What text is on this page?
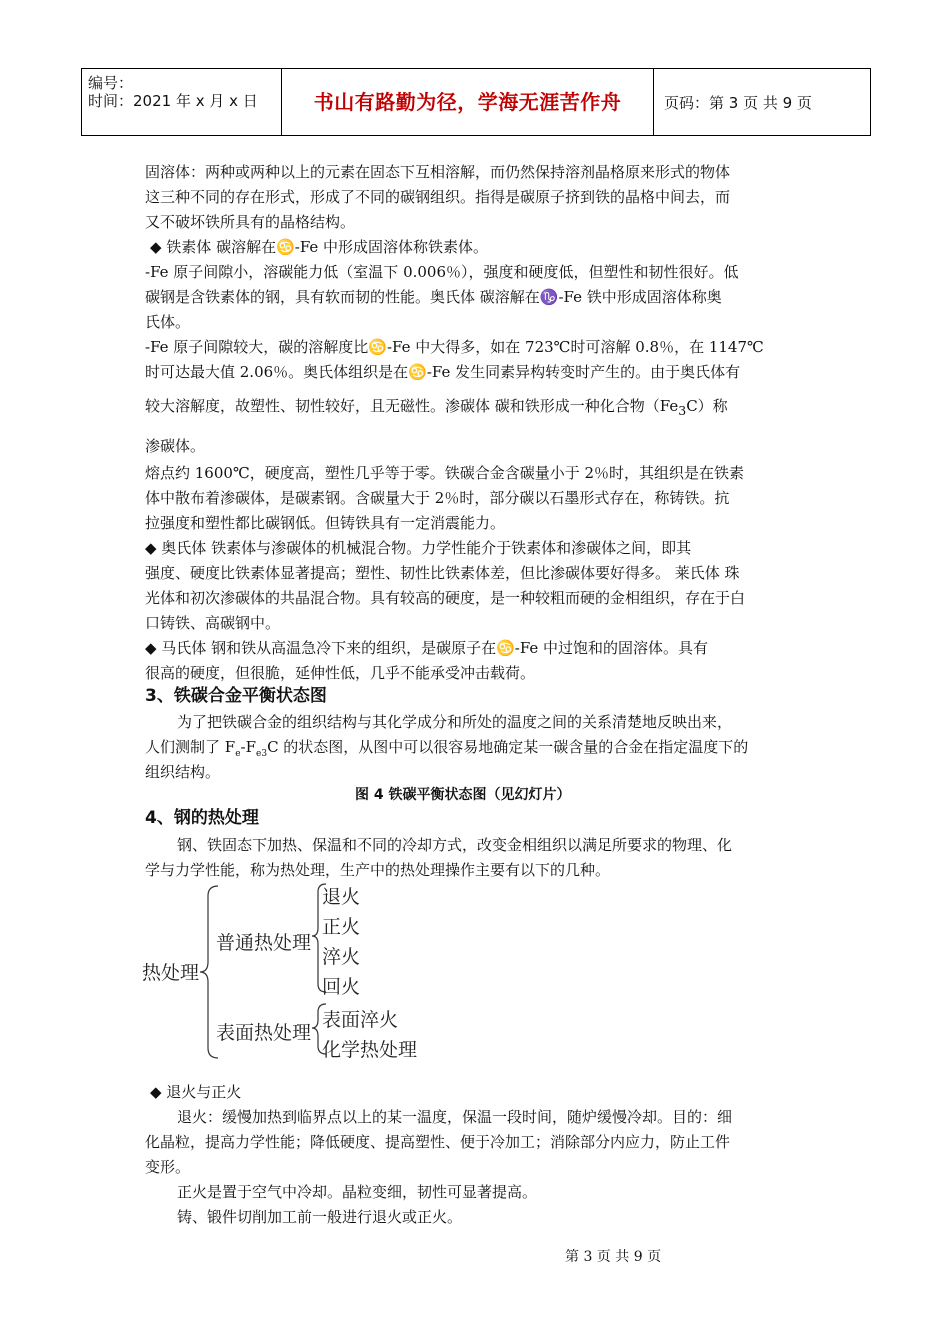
编号：
时间：2021 年 x 月 x 日	书山有路勤为径，学海无涯苦作舟	页码：第 3 页 共 9 页
固溶体：两种或两种以上的元素在固态下互相溶解，而仍然保持溶剂晶格原来形式的物体
这三种不同的存在形式，形成了不同的碳钢组织。指得是碳原子挤到铁的晶格中间去，而
又不破坏铁所具有的晶格结构。
◆ 铁素体 碳溶解在♋-Fe 中形成固溶体称铁素体。
-Fe 原子间隙小，溶碳能力低（室温下 0.006％），强度和硬度低，但塑性和韧性很好。低
碳钢是含铁素体的钢，具有软而韧的性能。奥氏体 碳溶解在♑-Fe 铁中形成固溶体称奥
氏体。
-Fe 原子间隙较大，碳的溶解度比♋-Fe 中大得多，如在 723℃时可溶解 0.8％，在 1147℃
时可达最大值 2.06％。奥氏体组织是在♋-Fe 发生同素异构转变时产生的。由于奥氏体有
较大溶解度，故塑性、韧性较好，且无磁性。渗碳体 碳和铁形成一种化合物$(Fe_3C)$称
渗碳体。
熔点约 1600℃，硬度高，塑性几乎等于零。铁碳合金含碳量小于 2％时，其组织是在铁素
体中散布着渗碳体，是碳素钢。含碳量大于 2％时，部分碳以石墨形式存在，称铸铁。抗
拉强度和塑性都比碳钢低。但铸铁具有一定消震能力。
◆ 奥氏体 铁素体与渗碳体的机械混合物。力学性能介于铁素体和渗碳体之间，即其
强度、硬度比铁素体显著提高；塑性、韧性比铁素体差，但比渗碳体要好得多。 莱氏体 珠
光体和初次渗碳体的共晶混合物。具有较高的硬度，是一种较粗而硬的金相组织，存在于白
口铸铁、高碳钢中。
◆ 马氏体 钢和铁从高温急冷下来的组织，是碳原子在♋-Fe 中过饱和的固溶体。具有
很高的硬度，但很脆，延伸性低，几乎不能承受冲击载荷。
3、铁碳合金平衡状态图
为了把铁碳合金的组织结构与其化学成分和所处的温度之间的关系清楚地反映出来，
人们测制了 $F_e-F_{e3}C$ 的状态图，从图中可以很容易地确定某一碳含量的合金在指定温度下的
组织结构。
图 4 铁碳平衡状态图（见幻灯片）
4、钢的热处理
钢、铁固态下加热、保温和不同的冷却方式，改变金相组织以满足所要求的物理、化
学与力学性能，称为热处理，生产中的热处理操作主要有以下的几种。
热处理
普通热处理
退火
正火
淬火
回火
表面热处理
表面淬火
化学热处理
◆ 退火与正火
退火：缓慢加热到临界点以上的某一温度，保温一段时间，随炉缓慢冷却。目的：细
化晶粒，提高力学性能；降低硬度、提高塑性、便于冷加工；消除部分内应力，防止工件
变形。
正火是置于空气中冷却。晶粒变细，韧性可显著提高。
铸、锻件切削加工前一般进行退火或正火。
第 3 页 共 9 页
